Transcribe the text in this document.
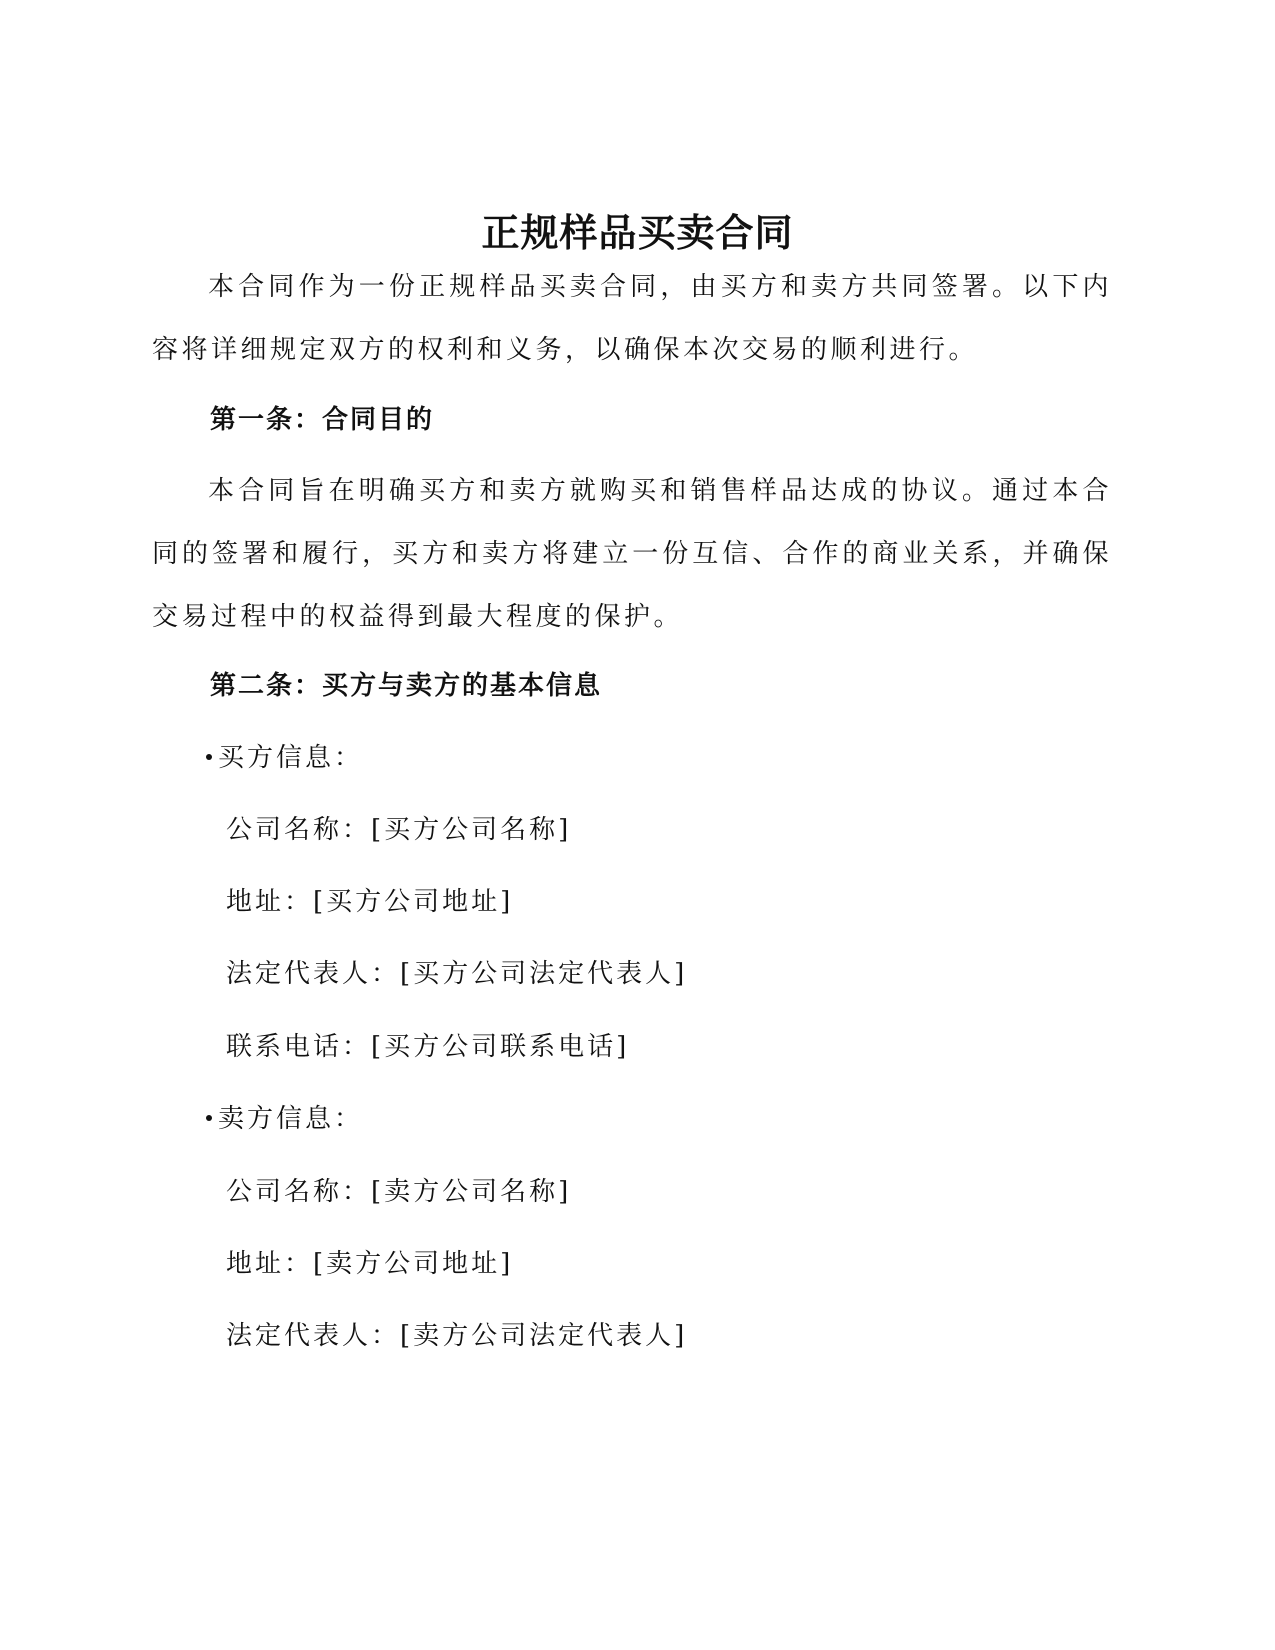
正规样品买卖合同

本合同作为一份正规样品买卖合同，由买方和卖方共同签署。以下内容将详细规定双方的权利和义务，以确保本次交易的顺利进行。

第一条：合同目的

本合同旨在明确买方和卖方就购买和销售样品达成的协议。通过本合同的签署和履行，买方和卖方将建立一份互信、合作的商业关系，并确保交易过程中的权益得到最大程度的保护。

第二条：买方与卖方的基本信息

买方信息：
公司名称：[买方公司名称]
地址：[买方公司地址]
法定代表人：[买方公司法定代表人]
联系电话：[买方公司联系电话]
卖方信息：
公司名称：[卖方公司名称]
地址：[卖方公司地址]
法定代表人：[卖方公司法定代表人]
